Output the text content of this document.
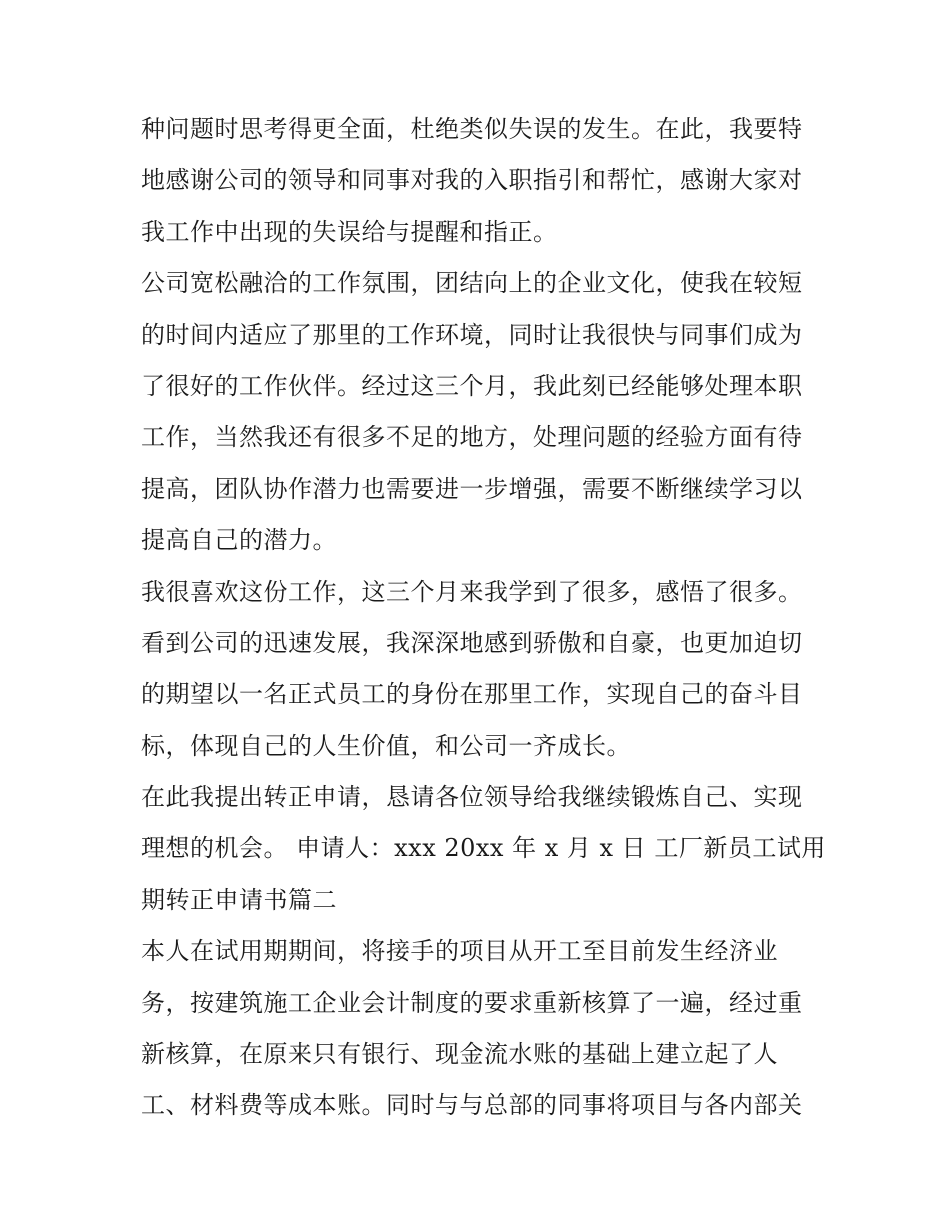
种问题时思考得更全面，杜绝类似失误的发生。在此，我要特
地感谢公司的领导和同事对我的入职指引和帮忙，感谢大家对
我工作中出现的失误给与提醒和指正。
公司宽松融洽的工作氛围，团结向上的企业文化，使我在较短
的时间内适应了那里的工作环境，同时让我很快与同事们成为
了很好的工作伙伴。经过这三个月，我此刻已经能够处理本职
工作，当然我还有很多不足的地方，处理问题的经验方面有待
提高，团队协作潜力也需要进一步增强，需要不断继续学习以
提高自己的潜力。
我很喜欢这份工作，这三个月来我学到了很多，感悟了很多。
看到公司的迅速发展，我深深地感到骄傲和自豪，也更加迫切
的期望以一名正式员工的身份在那里工作，实现自己的奋斗目
标，体现自己的人生价值，和公司一齐成长。
在此我提出转正申请，恳请各位领导给我继续锻炼自己、实现
理想的机会。 申请人：xxx 20xx 年 x 月 x 日 工厂新员工试用
期转正申请书篇二
本人在试用期期间，将接手的项目从开工至目前发生经济业
务，按建筑施工企业会计制度的要求重新核算了一遍，经过重
新核算，在原来只有银行、现金流水账的基础上建立起了人
工、材料费等成本账。同时与与总部的同事将项目与各内部关
